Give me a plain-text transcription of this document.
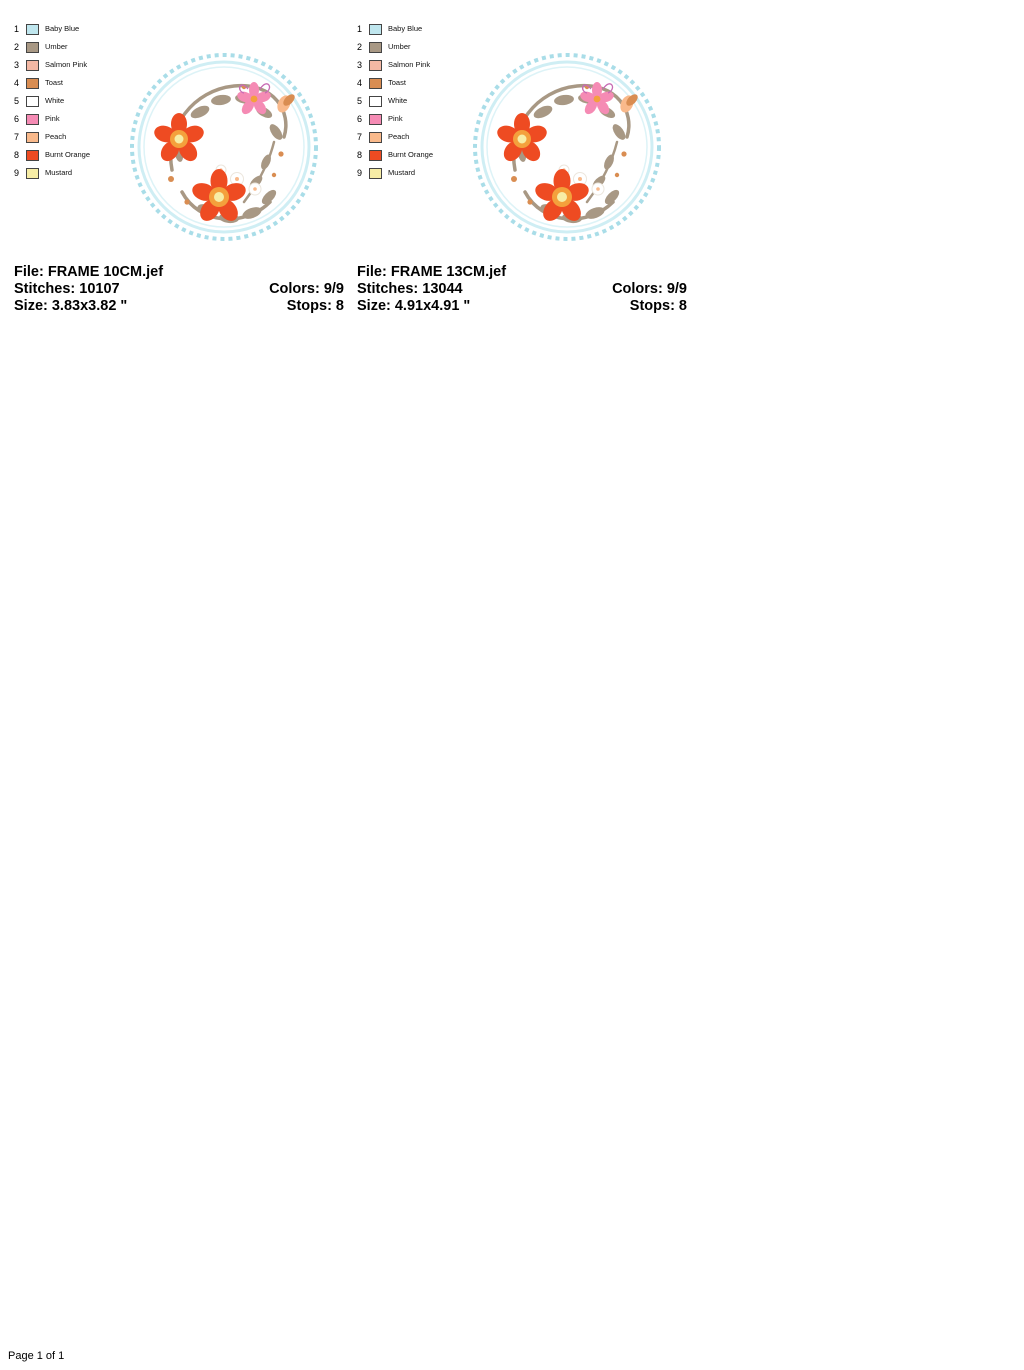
1	Baby Blue
2	Umber
3	Salmon Pink
4	Toast
5	White
6	Pink
7	Peach
8	Burnt Orange
9	Mustard
File: FRAME 10CM.jef
Stitches: 10107
Size: 3.83x3.82 "
Colors: 9/9
Stops: 8
1	Baby Blue
2	Umber
3	Salmon Pink
4	Toast
5	White
6	Pink
7	Peach
8	Burnt Orange
9	Mustard
File: FRAME 13CM.jef
Stitches: 13044
Size: 4.91x4.91 "
Colors: 9/9
Stops: 8
Page 1 of 1
